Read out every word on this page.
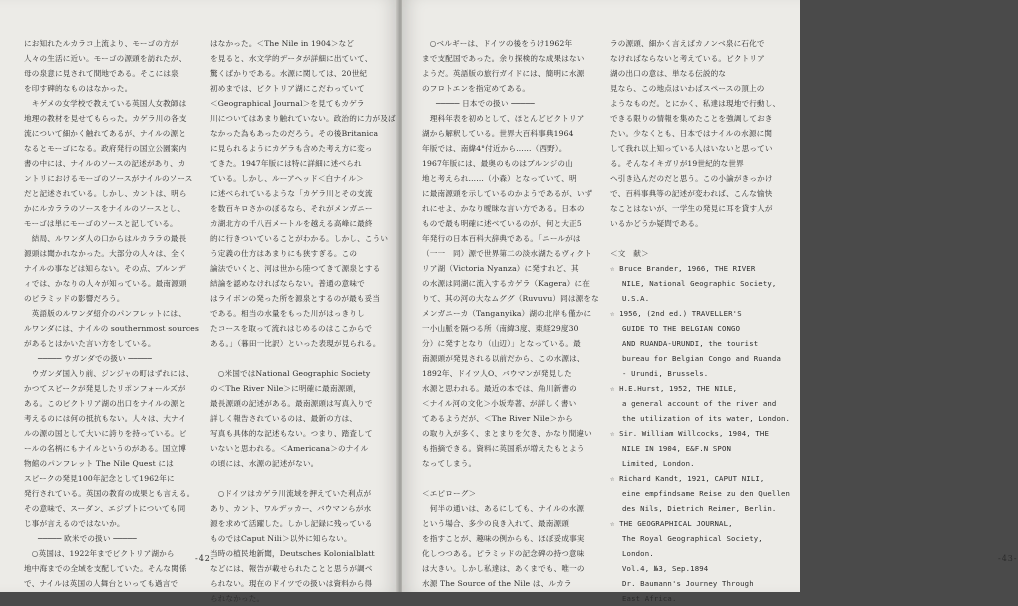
にお知れたルカラコ上流より、モーゴの方が

人々の生活に近い。モーゴの源頭を訪れたが、

母の泉意に見されて間地である。そこには泉

を印す碑的なものはなかった。

　キゲメの女学校で教えている英国人女教師は

地理の教材を見せてもらった。カゲラ川の各支

流について細かく触れてあるが、ナイルの源と

なるとモーゴになる。政府発行の国立公園案内

書の中には、ナイルのソースの記述があり、カ

ントリにおけるモーゴのソースがナイルのソース

だと記述されている。しかし、カントは、明ら

かにルカララのソースをナイルのソースとし、

モーゴは単にモーゴのソースと記している。

　結局、ルワンダ人の口からはルカララの最長

源頭は聞かれなかった。大部分の人々は、全く

ナイルの事などは知らない。その点、ブルンデ

ィでは、かなりの人々が知っている。最南源頭

のピラミッドの影響だろう。

　英語版のルワンダ紹介のパンフレットには、

ルワンダには、ナイルの southernmost sources

があるとはかいた言い方をしている。

───── ウガンダでの扱い ─────

　ウガンダ国入り前、ジンジャの町はずれには、

かつてスピークが発見したリポンフォールズが

ある。このビクトリア湖の出口をナイルの源と

考えるのには何の抵抗もない。人々は、大ナイ

ルの源の国として大いに誇りを持っている。ビ

ールの名柄にもナイルというのがある。国立博

物館のパンフレット The Nile Quest には

スピークの発見100年記念として1962年に

発行されている。英国の教育の成果とも言える。

その意味で、スーダン、エジプトについても同

じ事が言えるのではないか。

───── 欧米での扱い ─────

　○英国は、1922年までビクトリア湖から

地中海までの全域を支配していた。そんな関係

で、ナイルは英国の人舞台といっても過言で

はなかった。＜The Nile in 1904＞など

を見ると、水文学的データが詳細に出ていて、

驚くばかりである。水源に関しては、20世紀

初めまでは、ビクトリア湖にこだわっていて

＜Geographical Journal＞を見てもカゲラ

川についてはあまり触れていない。政治的に力が及ば

なかった為もあったのだろう。その後Britanica

に見られるようにカゲラも含めた考え方に変っ

てきた。1947年版には特に詳細に述べられ

ている。しかし、ルーアへッド＜白ナイル＞

に述べられているような「カゲラ川とその支流

を数百キロさかのぼるなら、それがメンガニー

カ湖北方の千八百メートルを越える高峰に最終

的に行きついていることがわかる。しかし、こうい

う定義の仕方はあまりにも狭すぎる。この

論法でいくと、河は世から陸つてきて源泉とする

結論を認めなければならない。普通の意味で

はライボンの発った所を源泉とするのが最も妥当

である。相当の水量をもった川がはっきりし

たコースを取って流れはじめるのはここからで

ある。」（暮田一比訳）といった表現が見られる。

　○米国ではNational Geographic Society

の＜The River Nile＞に明確に最南源頭，

最長源頭の記述がある。最南源頭は写真入りで

詳しく報告されているのは、最新の方は、

写真も具体的な記述もない。つまり、踏査して

いないと思われる。＜Americana＞のナイル

の頃には、水源の記述がない。

　○ドイツはカゲラ川流域を押えていた利点が

あり、カント、ワルデッカー、バウマンらが水

源を求めて活躍した。しかし記録に残っている

ものではCaput Nili＞以外に知らない。

当時の植民地新聞，Deutsches Kolonialblatt

などには、報告が載せられたことと思うが調べ

られない。現在のドイツでの扱いは資料から得

られなかった。

-42-

　○ベルギーは、ドイツの後をうけ1962年

まで支配国であった。余り探検的な成果はない

ようだ。英語版の旅行ガイドには、簡明に水源

のフロトエンを指定めてある。

───── 日本での扱い ─────

　理科年表を初めとして、ほとんどビクトリア

湖から解釈している。世界大百科事典1964

年版では、南緯4°付近から……（西野）。

1967年版には、最奥のものはブルンジの山

地と考えられ……（小森）となっていて、明

に最南源頭を示しているのかようであるが、いず

れにせよ、かなり曖昧な言い方である。日本の

もので最も明確に述べているのが、何と大正5

年発行の日本百科大辞典である。「ニールがは

（一一　同）源で世界第二の淡水湖たるヴィクト

リア湖（Victoria Nyanza）に発すれど、其

の水源は同湖に流入するカゲラ（Kagera）に在

りて、其の河の大なムググ（Ruvuvu）同は源をな

メンガニーカ（Tanganyika）湖の北岸も僅かに

一小山脈を隔つる所（南緯3度、東経29度30

分）に発すとなり（山辺）」となっている。最

南源頭が発見される以前だから、この水源は、

1892年、ドイツ人O、バウマンが発見した

水源と思われる。最近の本では、角川新書の

＜ナイル河の文化＞小坂寿著、が詳しく書い

てあるようだが、＜The River Nile＞から

の取り入が多く、まとまりを欠き、かなり間違い

も指摘できる。資料に英国系が増えたもとよう

なってしまう。

＜エピローグ＞

　何半の通いは、あるにしても、ナイルの水源

という場合、多少の良き入れて、最南源頭

を指すことが、趣味の例からも、ほぼ妥成事実

化しつつある。ピラミッドの記念碑の持つ意味

は大きい。しかし私達は、あくまでも、唯一の

水源 The Source of the Nile は、ルカラ

ラの源頭、細かく言えばカノンベ泉に石化で

なければならないと考えている。ビクトリア

湖の出口の意は、単なる伝説的な

見なら、この地点はいわばスペースの頂上の

ようなものだ。とにかく、私達は現地で行動し、

できる限りの情報を集めたことを強調しておき

たい。少なくとも、日本ではナイルの水源に関

して我れ以上知っている人はいないと思ってい

る。そんなイキガリが19世紀的な世界

へ引き込んだのだと思う。この小論がきっかけ

で、百科事典等の記述が変われば、こんな愉快

なことはないが、一学生の発見に耳を貸す人が

いるかどうか疑問である。

＜文　献＞

☆ Bruce Brander, 1966, THE RIVER

NILE, National Geographic Society,

U.S.A.

☆ 1956, (2nd ed.) TRAVELLER'S

GUIDE TO THE BELGIAN CONGO

AND RUANDA-URUNDI, the tourist

bureau for Belgian Congo and Ruanda

- Urundi, Brussels.

☆ H.E.Hurst, 1952, THE NILE,

a general account of the river and

the utilization of its water, London.

☆ Sir. William Willcocks, 1904, THE

NILE IN 1904, E&F.N SPON

Limited, London.

☆ Richard Kandt, 1921, CAPUT NILI,

eine empfindsame Reise zu den Quellen

des Nils, Dietrich Reimer, Berlin.

☆ THE GEOGRAPHICAL JOURNAL,

The Royal Geographical Society,

London.

Vol.4, №3, Sep.1894

Dr. Baumann's Journey Through

East Africa.

-43-
